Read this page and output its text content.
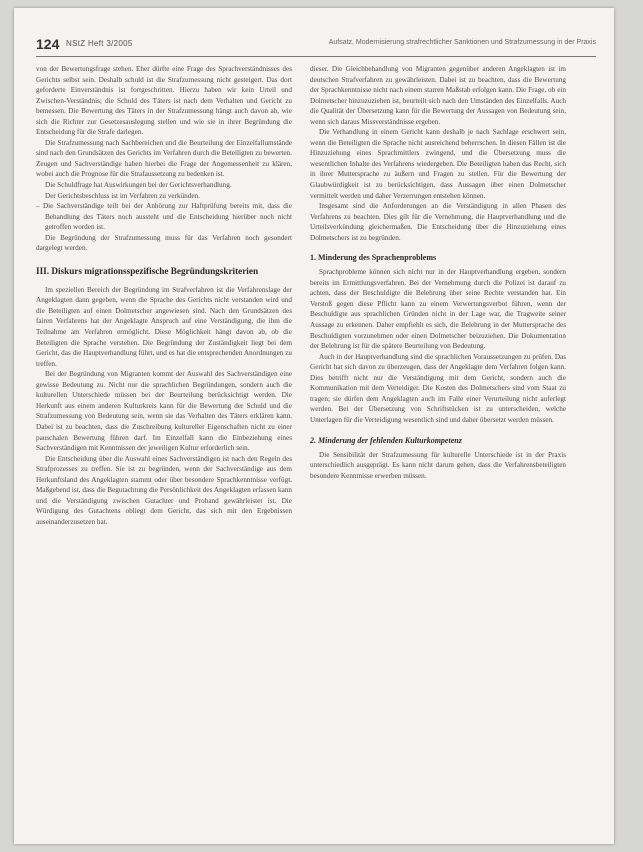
124 NStZ Heft 3/2005	Aufsatz, Modernisierung strafrechtlicher Sanktionen und Strafzumessung in der Praxis

von der Bewertungsfrage stehen. Eher dürfte eine Frage des Sprachverständnisses des Gerichts selbst sein. Deshalb schuld ist die Strafzumessung nicht gesteigert. Das dort geforderte Einverständnis ist fortgeschritten. Hierzu haben wir kein Urteil und Zwischen-Verständnis; die Schuld des Täters ist nach dem Verhalten und Gericht zu bemessen. Die Bewertung des Täters in der Strafzumessung hängt auch davon ab, wie sich die Richter zur Gesetzesauslegung stellen und wie sie in ihrer Begründung die Entscheidung für die Strafe darlegen.

Die Strafzumessung nach Sachbereichen und die Beurteilung der Einzelfallumstände sind nach den Grundsätzen des Gerichts im Verfahren durch die Beteiligten zu bewerten. Zeugen und Sachverständige haben hierbei die Frage der Angemessenheit zu klären, wobei auch die Prognose für die Strafaussetzung zu bedenken ist.

Die Schuldfrage hat Auswirkungen bei der Gerichtsverhandlung.

Der Gerichtsbeschluss ist im Verfahren zu verkünden.

– Die Sachverständige teilt bei der Anhörung zur Haftprüfung bereits mit, dass die Behandlung des Täters noch aussteht und die Entscheidung hierüber noch nicht getroffen worden ist.

Die Begründung der Strafzumessung muss für das Verfahren noch gesondert dargelegt werden.

III. Diskurs migrationsspezifische Begründungskriterien

Im speziellen Bereich der Begründung im Strafverfahren ist die Verfahrenslage der Angeklagten dann gegeben, wenn die Sprache des Gerichts nicht verstanden wird und die Beteiligten auf einen Dolmetscher angewiesen sind. Nach den Grundsätzen des fairen Verfahrens hat der Angeklagte Anspruch auf eine Verständigung, die ihm die Teilnahme am Verfahren ermöglicht. Diese Möglichkeit hängt davon ab, ob die Beteiligten die Sprache verstehen. Die Begründung der Zuständigkeit liegt bei dem Gericht, das die Hauptverhandlung führt, und es hat die entsprechenden Anordnungen zu treffen.

Bei der Begründung von Migranten kommt der Auswahl des Sachverständigen eine gewisse Bedeutung zu. Nicht nur die sprachlichen Begründungen, sondern auch die kulturellen Unterschiede müssen bei der Beurteilung berücksichtigt werden. Die Herkunft aus einem anderen Kulturkreis kann für die Bewertung der Schuld und die Strafzumessung von Bedeutung sein, wenn sie das Verhalten des Täters erklären kann. Dabei ist zu beachten, dass die Zuschreibung kultureller Eigenschaften nicht zu einer pauschalen Bewertung führen darf. Im Einzelfall kann die Einbeziehung eines Sachverständigen mit Kenntnissen der jeweiligen Kultur erforderlich sein.

Die Entscheidung über die Auswahl eines Sachverständigen ist nach den Regeln des Strafprozesses zu treffen. Sie ist zu begründen, wenn der Sachverständige aus dem Herkunftsland des Angeklagten stammt oder über besondere Sprachkenntnisse verfügt. Maßgebend ist, dass die Begutachtung die Persönlichkeit des Angeklagten erfassen kann und die Verständigung zwischen Gutachter und Proband gewährleistet ist. Die Würdigung des Gutachtens obliegt dem Gericht, das sich mit den Ergebnissen auseinanderzusetzen hat.

dieser. Die Gleichbehandlung von Migranten gegenüber anderen Angeklagten ist im deutschen Strafverfahren zu gewährleisten. Dabei ist zu beachten, dass die Bewertung der Sprachkenntnisse nicht nach einem starren Maßstab erfolgen kann. Die Frage, ob ein Dolmetscher hinzuzuziehen ist, beurteilt sich nach den Umständen des Einzelfalls. Auch die Qualität der Übersetzung kann für die Bewertung der Aussagen von Bedeutung sein, wenn sich daraus Missverständnisse ergeben.

Die Verhandlung in einem Gericht kann deshalb je nach Sachlage erschwert sein, wenn die Beteiligten die Sprache nicht ausreichend beherrschen. In diesen Fällen ist die Hinzuziehung eines Sprachmittlers zwingend, und die Übersetzung muss die wesentlichen Inhalte des Verfahrens wiedergeben. Die Beteiligten haben das Recht, sich in ihrer Muttersprache zu äußern und Fragen zu stellen. Für die Bewertung der Glaubwürdigkeit ist zu berücksichtigen, dass Aussagen über einen Dolmetscher vermittelt werden und daher Verzerrungen entstehen können.

Insgesamt sind die Anforderungen an die Verständigung in allen Phasen des Verfahrens zu beachten. Dies gilt für die Vernehmung, die Hauptverhandlung und die Urteilsverkündung gleichermaßen. Die Entscheidung über die Hinzuziehung eines Dolmetschers ist zu begründen.

1. Minderung des Sprachenproblems

Sprachprobleme können sich nicht nur in der Hauptverhandlung ergeben, sondern bereits im Ermittlungsverfahren. Bei der Vernehmung durch die Polizei ist darauf zu achten, dass der Beschuldigte die Belehrung über seine Rechte verstanden hat. Ein Verstoß gegen diese Pflicht kann zu einem Verwertungsverbot führen, wenn der Beschuldigte aus sprachlichen Gründen nicht in der Lage war, die Tragweite seiner Aussage zu erkennen. Daher empfiehlt es sich, die Belehrung in der Muttersprache des Beschuldigten vorzunehmen oder einen Dolmetscher beizuziehen. Die Dokumentation der Belehrung ist für die spätere Beurteilung von Bedeutung.

Auch in der Hauptverhandlung sind die sprachlichen Voraussetzungen zu prüfen. Das Gericht hat sich davon zu überzeugen, dass der Angeklagte dem Verfahren folgen kann. Dies betrifft nicht nur die Verständigung mit dem Gericht, sondern auch die Kommunikation mit dem Verteidiger. Die Kosten des Dolmetschers sind vom Staat zu tragen; sie dürfen dem Angeklagten auch im Falle einer Verurteilung nicht auferlegt werden. Bei der Übersetzung von Schriftstücken ist zu unterscheiden, welche Unterlagen für die Verteidigung wesentlich sind und daher übersetzt werden müssen.

2. Minderung der fehlenden Kulturkompetenz

Die Sensibilität der Strafzumessung für kulturelle Unterschiede ist in der Praxis unterschiedlich ausgeprägt. Es kann nicht darum gehen, dass die Verfahrensbeteiligten besondere Kenntnisse erwerben müssen.
